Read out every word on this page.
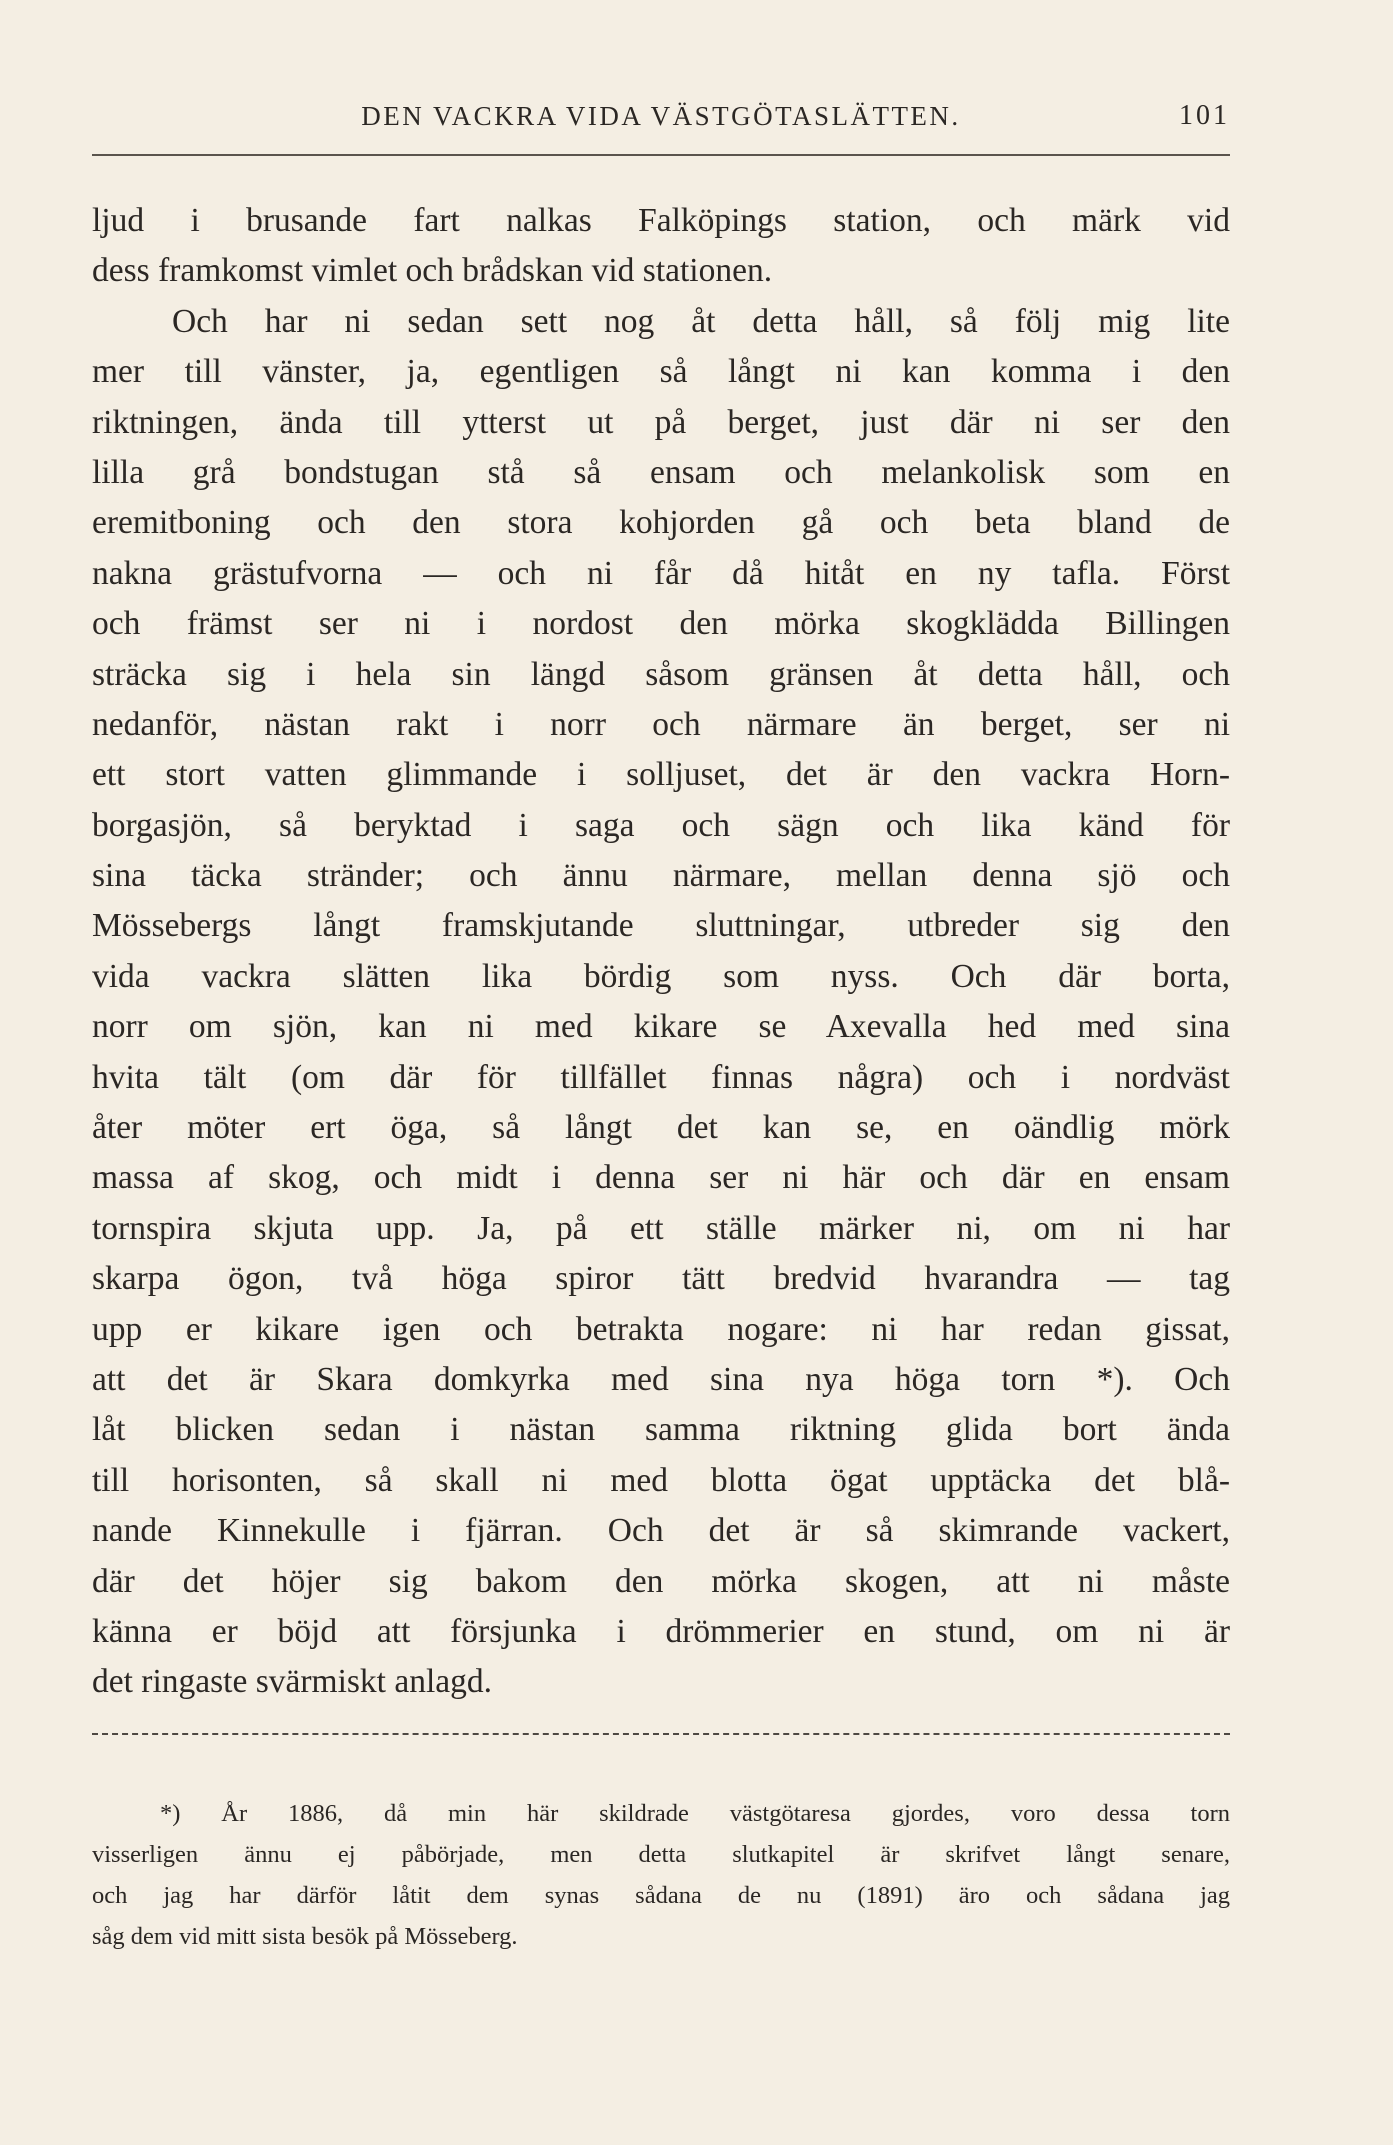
DEN VACKRA VIDA VÄSTGÖTASLÄTTEN.	101
ljud i brusande fart nalkas Falköpings station, och märk vid
dess framkomst vimlet och brådskan vid stationen.
Och har ni sedan sett nog åt detta håll, så följ mig lite
mer till vänster, ja, egentligen så långt ni kan komma i den
riktningen, ända till ytterst ut på berget, just där ni ser den
lilla grå bondstugan stå så ensam och melankolisk som en
eremitboning och den stora kohjorden gå och beta bland de
nakna grästufvorna — och ni får då hitåt en ny tafla. Först
och främst ser ni i nordost den mörka skogklädda Billingen
sträcka sig i hela sin längd såsom gränsen åt detta håll, och
nedanför, nästan rakt i norr och närmare än berget, ser ni
ett stort vatten glimmande i solljuset, det är den vackra Horn-
borgasjön, så beryktad i saga och sägn och lika känd för
sina täcka stränder; och ännu närmare, mellan denna sjö och
Mössebergs långt framskjutande sluttningar, utbreder sig den
vida vackra slätten lika bördig som nyss. Och där borta,
norr om sjön, kan ni med kikare se Axevalla hed med sina
hvita tält (om där för tillfället finnas några) och i nordväst
åter möter ert öga, så långt det kan se, en oändlig mörk
massa af skog, och midt i denna ser ni här och där en ensam
tornspira skjuta upp. Ja, på ett ställe märker ni, om ni har
skarpa ögon, två höga spiror tätt bredvid hvarandra — tag
upp er kikare igen och betrakta nogare: ni har redan gissat,
att det är Skara domkyrka med sina nya höga torn *). Och
låt blicken sedan i nästan samma riktning glida bort ända
till horisonten, så skall ni med blotta ögat upptäcka det blå-
nande Kinnekulle i fjärran. Och det är så skimrande vackert,
där det höjer sig bakom den mörka skogen, att ni måste
känna er böjd att försjunka i drömmerier en stund, om ni är
det ringaste svärmiskt anlagd.
*) År 1886, då min här skildrade västgötaresa gjordes, voro dessa torn
visserligen ännu ej påbörjade, men detta slutkapitel är skrifvet långt senare,
och jag har därför låtit dem synas sådana de nu (1891) äro och sådana jag
såg dem vid mitt sista besök på Mösseberg.
